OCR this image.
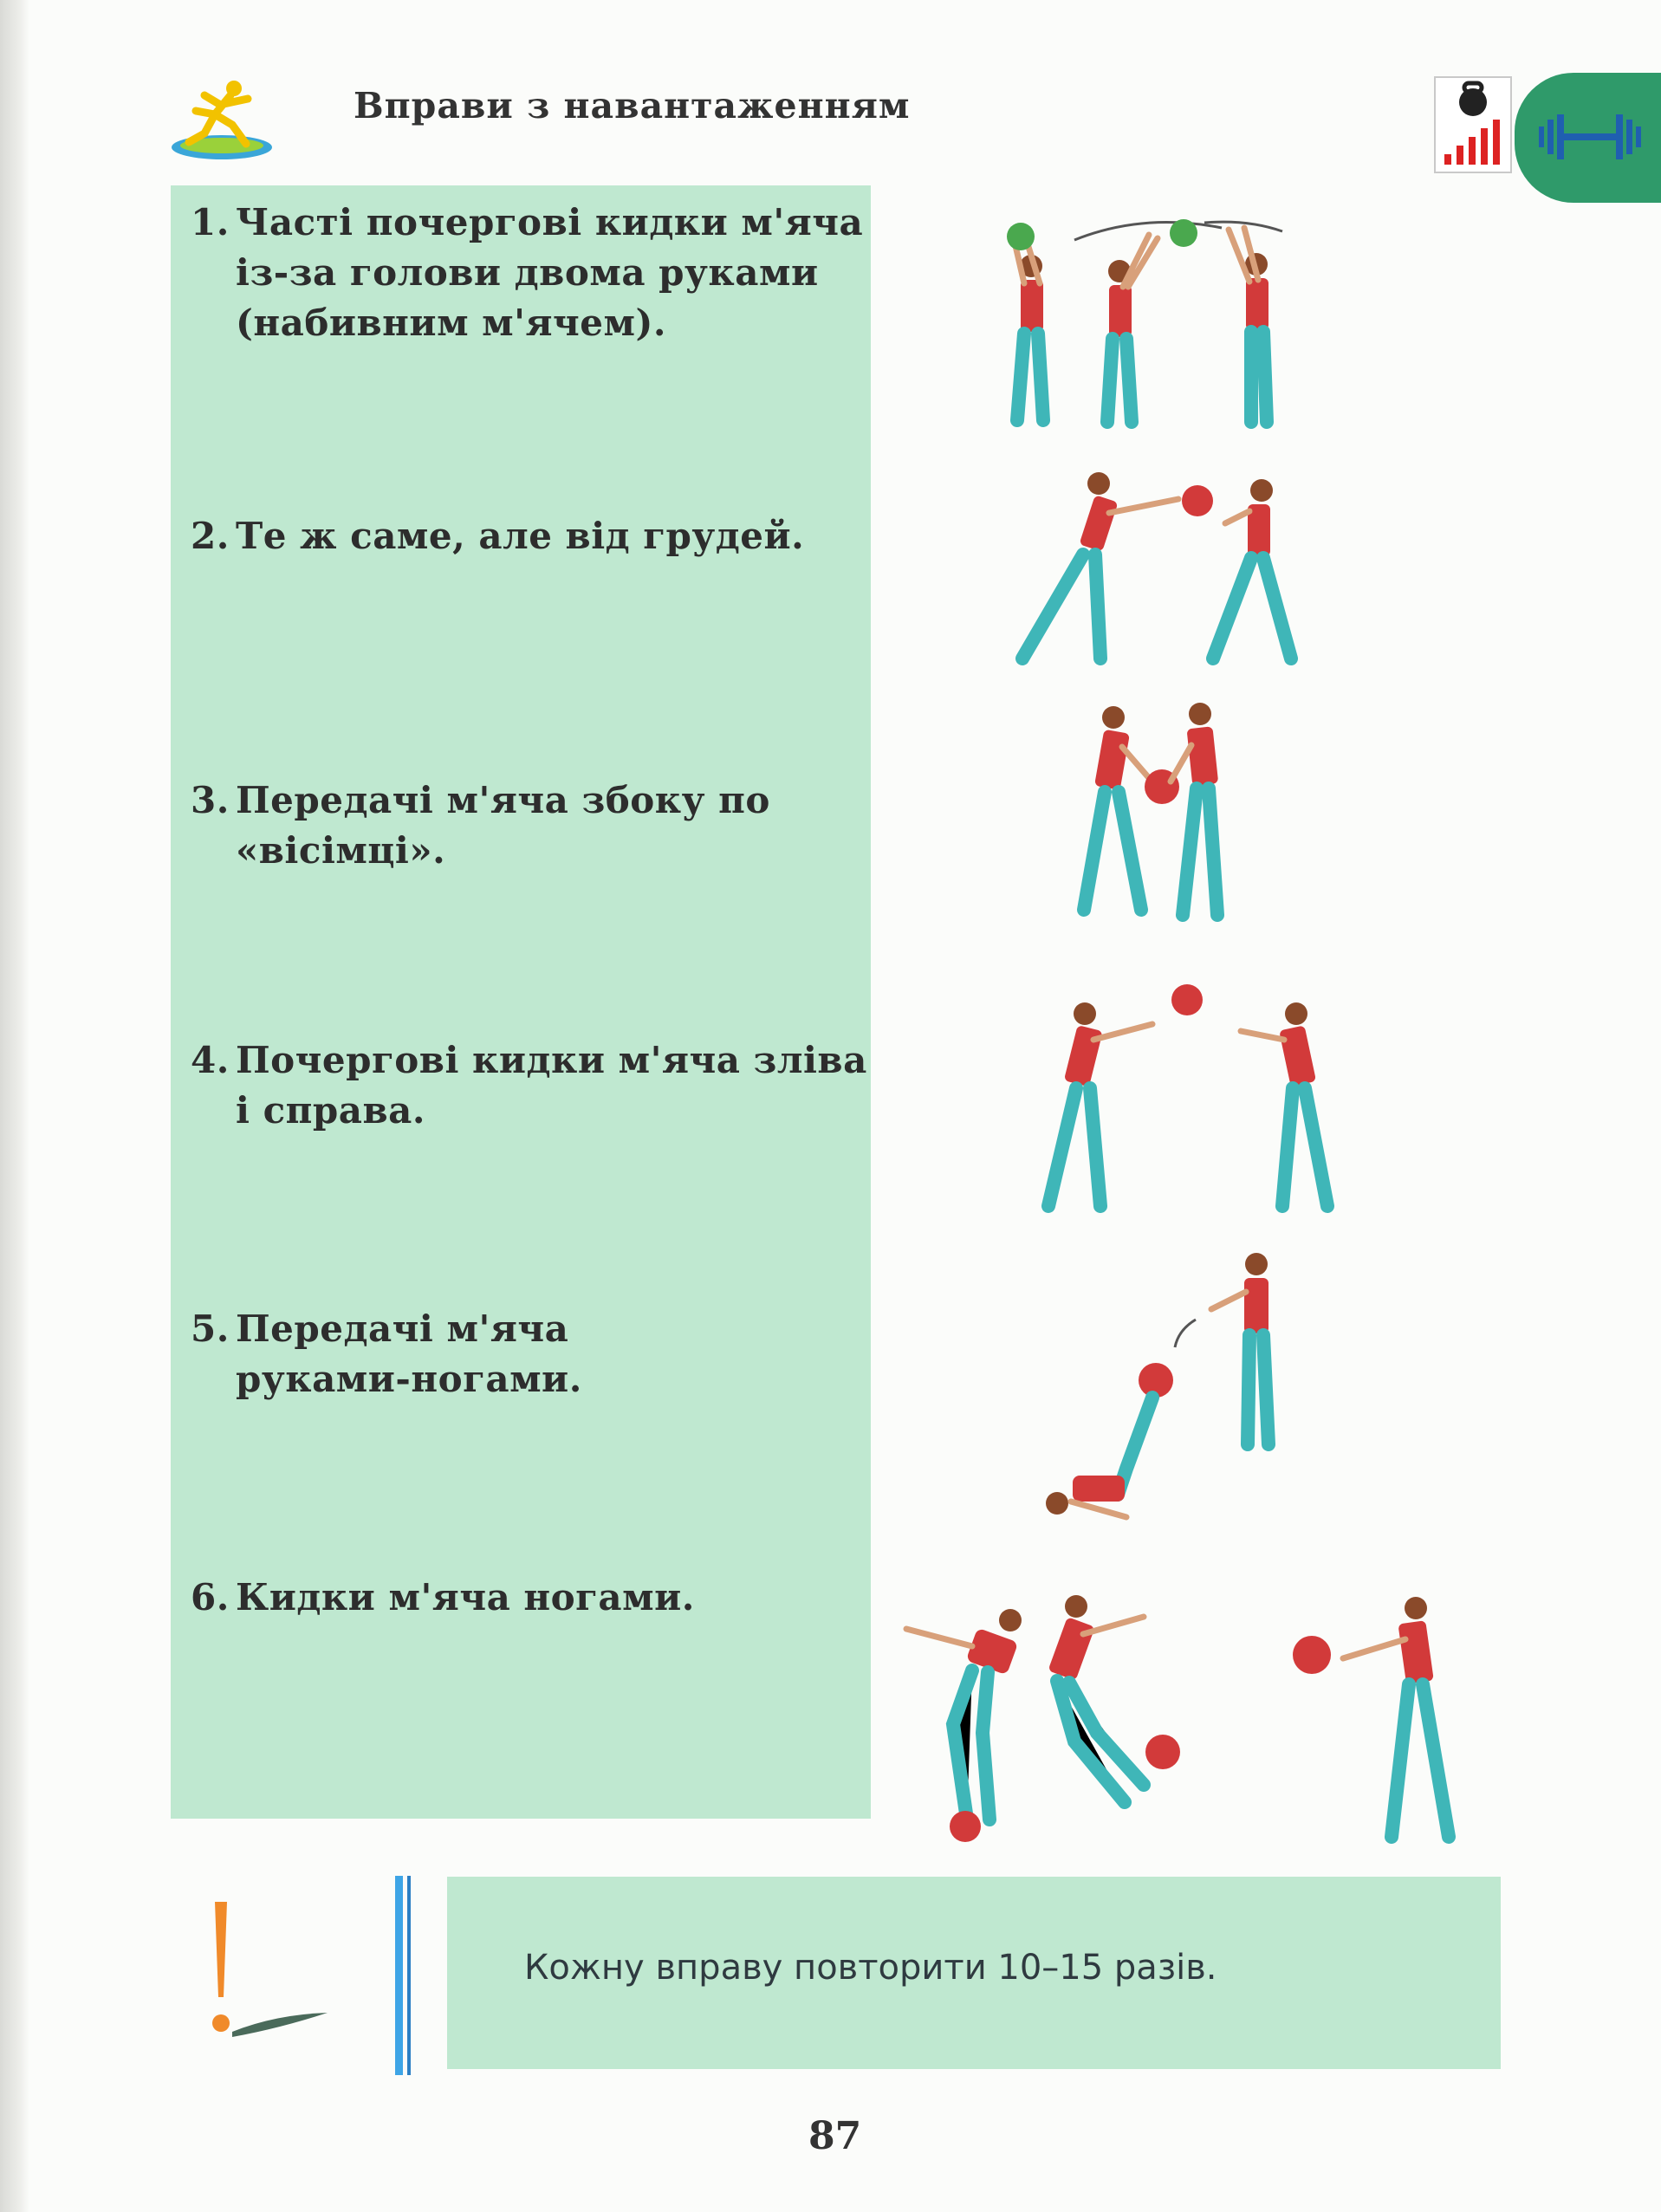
Вправи з навантаженням
1. Часті почергові кидки м'яча
із-за голови двома руками
(набивним м'ячем).
2. Те ж саме, але від грудей.
3. Передачі м'яча збоку по
«вісімці».
4. Почергові кидки м'яча зліва
і справа.
5. Передачі м'яча
руками-ногами.
6. Кидки м'яча ногами.
Кожну вправу повторити 10–15 разів.
87
